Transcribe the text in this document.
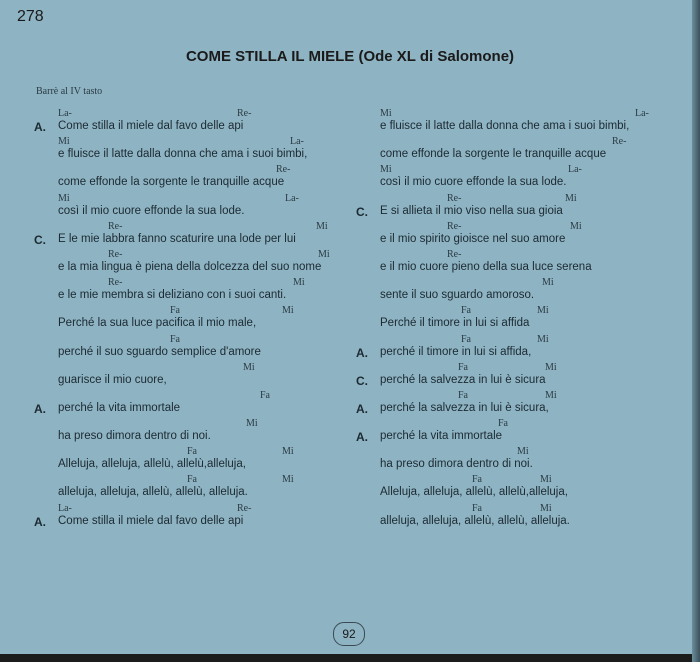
278
COME STILLA IL MIELE (Ode XL di Salomone)
Barrè al IV tasto
La-	Re-
A. Come stilla il miele dal favo delle api
Mi	La-
e fluisce il latte dalla donna che ama i suoi bimbi,
Re-
come effonde la sorgente le tranquille acque
Mi	La-
così il mio cuore effonde la sua lode.
Re-	Mi
C. E le mie labbra fanno scaturire una lode per lui
Re-	Mi
e la mia lingua è piena della dolcezza del suo nome
Re-	Mi
e le mie membra si deliziano con i suoi canti.
Fa	Mi
Perché la sua luce pacifica il mio male,
Fa
perché il suo sguardo semplice d'amore
Mi
guarisce il mio cuore,
Fa
A. perché la vita immortale
Mi
ha preso dimora dentro di noi.
Fa	Mi
Alleluja, alleluja, allelù, allelù,alleluja,
Fa	Mi
alleluja, alleluja, allelù, allelù, alleluja.
La-	Re-
A. Come stilla il miele dal favo delle api
Mi	La-
e fluisce il latte dalla donna che ama i suoi bimbi,
Re-
come effonde la sorgente le tranquille acque
Mi	La-
così il mio cuore effonde la sua lode.
Re-	Mi
C. E si allieta il mio viso nella sua gioia
Re-	Mi
e il mio spirito gioisce nel suo amore
Re-
e il mio cuore pieno della sua luce serena
Mi
sente il suo sguardo amoroso.
Fa	Mi
Perché il timore in lui si affida
Fa	Mi
A. perché il timore in lui si affida,
Fa	Mi
C. perché la salvezza in lui è sicura
Fa	Mi
A. perché la salvezza in lui è sicura,
Fa
A. perché la vita immortale
Mi
ha preso dimora dentro di noi.
Fa	Mi
Alleluja, alleluja, allelù, allelù,alleluja,
Fa	Mi
alleluja, alleluja, allelù, allelù, alleluja.
92
